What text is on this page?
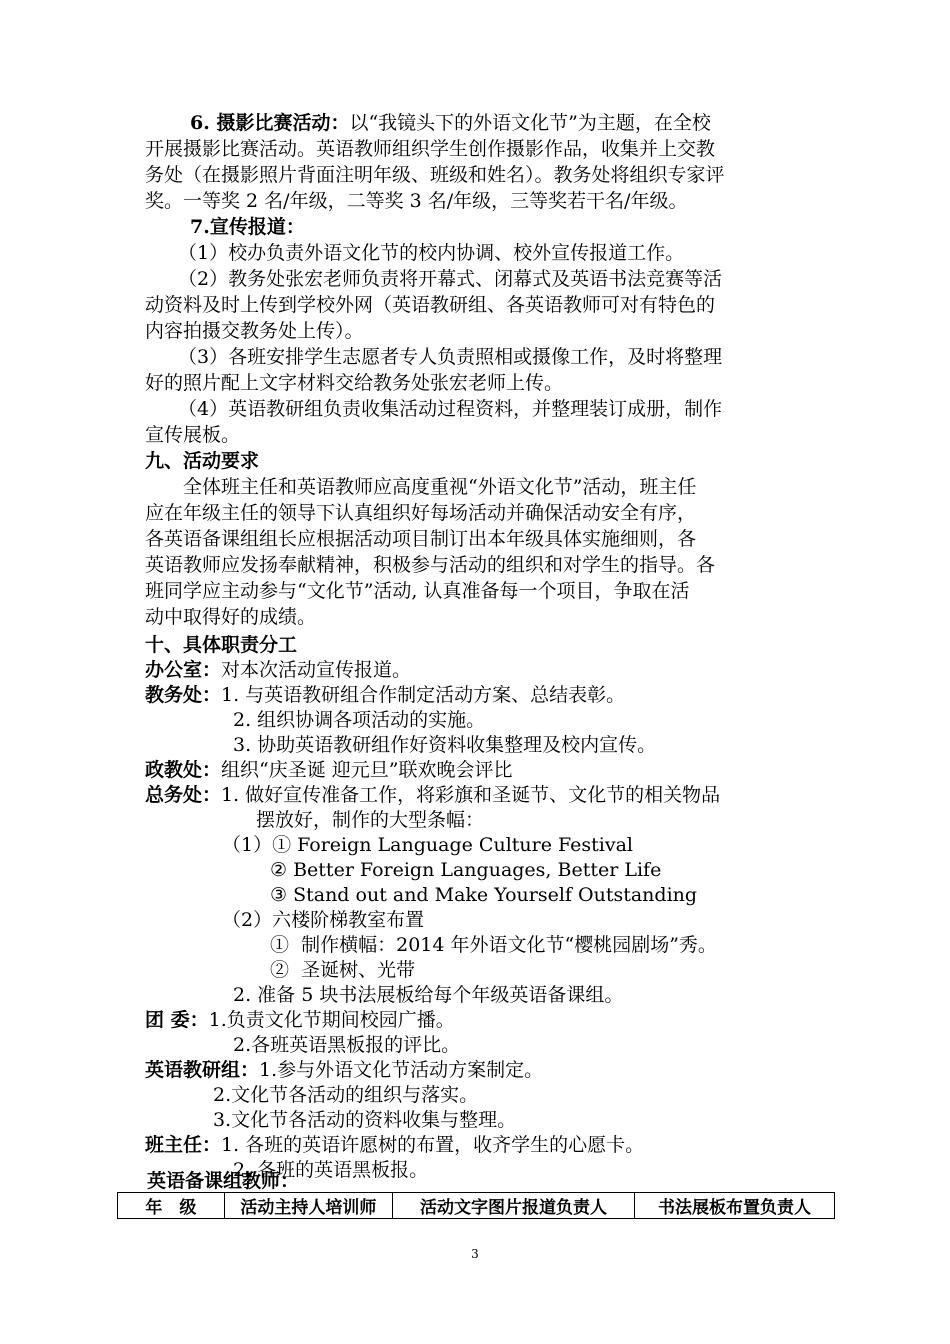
6. 摄影比赛活动：以“我镜头下的外语文化节”为主题，在全校
开展摄影比赛活动。英语教师组织学生创作摄影作品，收集并上交教
务处（在摄影照片背面注明年级、班级和姓名）。教务处将组织专家评
奖。一等奖 2 名/年级，二等奖 3 名/年级，三等奖若干名/年级。
7.宣传报道：
（1）校办负责外语文化节的校内协调、校外宣传报道工作。
（2）教务处张宏老师负责将开幕式、闭幕式及英语书法竞赛等活
动资料及时上传到学校外网（英语教研组、各英语教师可对有特色的
内容拍摄交教务处上传）。
（3）各班安排学生志愿者专人负责照相或摄像工作，及时将整理
好的照片配上文字材料交给教务处张宏老师上传。
（4）英语教研组负责收集活动过程资料，并整理装订成册，制作
宣传展板。
九、活动要求
全体班主任和英语教师应高度重视“外语文化节”活动，班主任
应在年级主任的领导下认真组织好每场活动并确保活动安全有序，
各英语备课组组长应根据活动项目制订出本年级具体实施细则，各
英语教师应发扬奉献精神，积极参与活动的组织和对学生的指导。各
班同学应主动参与“文化节”活动, 认真准备每一个项目，争取在活
动中取得好的成绩。
十、具体职责分工
办公室：对本次活动宣传报道。
教务处：1. 与英语教研组合作制定活动方案、总结表彰。
2. 组织协调各项活动的实施。
3. 协助英语教研组作好资料收集整理及校内宣传。
政教处：组织“庆圣诞 迎元旦”联欢晚会评比
总务处：1. 做好宣传准备工作，将彩旗和圣诞节、文化节的相关物品
摆放好，制作的大型条幅：
（1）① Foreign Language Culture Festival
② Better Foreign Languages, Better Life
③ Stand out and Make Yourself Outstanding
（2）六楼阶梯教室布置
① 制作横幅：2014 年外语文化节“樱桃园剧场”秀。
② 圣诞树、光带
2. 准备 5 块书法展板给每个年级英语备课组。
团 委：1.负责文化节期间校园广播。
2.各班英语黑板报的评比。
英语教研组：1.参与外语文化节活动方案制定。
2.文化节各活动的组织与落实。
3.文化节各活动的资料收集与整理。
班主任：1. 各班的英语许愿树的布置，收齐学生的心愿卡。
2. 各班的英语黑板报。
英语备课组教师：
年　级	活动主持人培训师	活动文字图片报道负责人	书法展板布置负责人
3
